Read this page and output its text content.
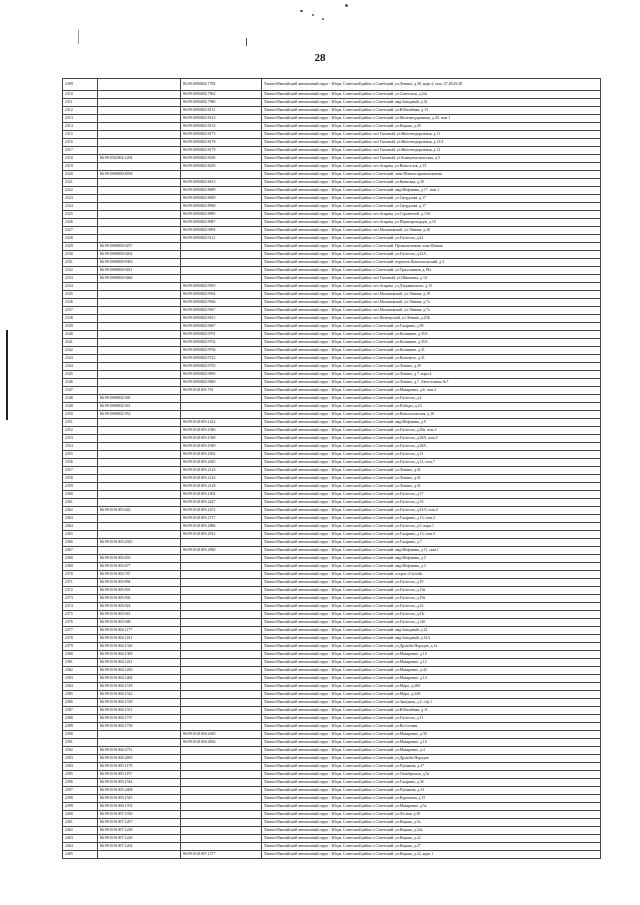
28
2309		86:09:0000002:7784	Ханты-Мансийский автономный округ - Югра, Советский район, г.Советский, ул.Ленина, д.30, корп.2, пом. 27,28,29,30
2310		86:09:0000002:7962	Ханты-Мансийский автономный округ - Югра, Советский район, г.Советский, ул.Советская, д.23а
2311		86:09:0000002:7980	Ханты-Мансийский автономный округ - Югра, Советский район, г.Советский, мкр.Западный, д.32
2312		86:09:0000002:8112	Ханты-Мансийский автономный округ - Югра, Советский район, г.Советский, ул.Юбилейная, д.13
2313		86:09:0000002:8123	Ханты-Мансийский автономный округ - Югра, Советский район, г.Советский, ул.Железнодорожная, д.20, пом.1
2314		86:09:0000002:8153	Ханты-Мансийский автономный округ - Югра, Советский район, г.Советский, ул.Кирова, д.20
2315		86:09:0000002:8175	Ханты-Мансийский автономный округ - Югра, Советский район, пгт.Таежный, ул.Железнодорожная, д.11
2316		86:09:0000002:8178	Ханты-Мансийский автономный округ - Югра, Советский район, пгт.Таежный, ул.Железнодорожная, д.13/2
2317		86:09:0000002:8179	Ханты-Мансийский автономный округ - Югра, Советский район, пгт.Таежный, ул.Железнодорожная, д.12
2318	86:09:0502002:1294	86:09:0000002:8180	Ханты-Мансийский автономный округ - Югра, Советский район, пгт.Таежный, ул.Коммунистическая, д.5
2319		86:09:0000002:8259	Ханты-Мансийский автономный округ - Югра, Советский район, пгт.Агириш, ул.Новоселов, д.15
2320	86:09:0000000:8458		Ханты-Мансийский автономный округ - Югра, Советский район, г.Советский, зона Южная промышленная
2321		86:09:0000002:8613	Ханты-Мансийский автономный округ - Югра, Советский район, г.Советский, ул.Киевская, д.20
2322		86:09:0000002:8689	Ханты-Мансийский автономный округ - Югра, Советский район, г.Советский, мкр.Нефтяник, д.17, пом.1
2323		86:09:0000002:8829	Ханты-Мансийский автономный округ - Югра, Советский район, г.Советский, ул.Свердлова, д.17
2324		86:09:0000002:8830	Ханты-Мансийский автономный округ - Югра, Советский район, г.Советский, ул.Свердлова, д.17
2325		86:09:0000002:8985	Ханты-Мансийский автономный округ - Югра, Советский район, пгт.Агириш, ул.Строителей, д.13А
2326		86:09:0000002:8987	Ханты-Мансийский автономный округ - Югра, Советский район, пгт.Агириш, ул.Первопроходцев, д.10
2327		86:09:0000002:9094	Ханты-Мансийский автономный округ - Югра, Советский район, пгт.Малиновский, ул.Ленина, д.20
2328		86:09:0000002:9121	Ханты-Мансийский автономный округ - Югра, Советский район, г.Советский, ул.Гастелло, д.42
2329	86:09:0000000:9257		Ханты-Мансийский автономный округ - Югра, Советский район, г.Советский, Промышленная зона Южная
2330	86:09:0000000:9264		Ханты-Мансийский автономный округ - Югра, Советский район, г.Советский, ул.Гастелло, д.42А
2331	86:09:0000000:9383		Ханты-Мансийский автономный округ - Югра, Советский район, г.Советский, переулок Комсомольский, д.3
2332	86:09:0000000:9431		Ханты-Мансийский автономный округ - Югра, Советский район, г.Советский, ул.Трассовиков, д.19а
2333	86:09:0000000:9466		Ханты-Мансийский автономный округ - Югра, Советский район, пгт.Таежный, ул.Шишкина, д.14
2334		86:09:0000002:9505	Ханты-Мансийский автономный округ - Югра, Советский район, пгт.Агириш, ул.Дзержинского, д.15
2335		86:09:0000002:9564	Ханты-Мансийский автономный округ - Югра, Советский район, пгт.Малиновский, ул.Ленина, д.19
2336		86:09:0000002:9566	Ханты-Мансийский автономный округ - Югра, Советский район, пгт.Малиновский, ул.Ленина, д.7а
2337		86:09:0000002:9567	Ханты-Мансийский автономный округ - Югра, Советский район, пгт.Малиновский, ул.Ленина, д.7а
2338		86:09:0000002:9615	Ханты-Мансийский автономный округ - Югра, Советский район, пгт.Пионерский, ул.Ленина, д.25Б
2339		86:09:0000002:9697	Ханты-Мансийский автономный округ - Югра, Советский район, г.Советский, ул.Гагарина, д.85
2340		86:09:0000002:9701	Ханты-Мансийский автономный округ - Югра, Советский район, г.Советский, ул.Калинина, д.35А
2341		86:09:0000002:9702	Ханты-Мансийский автономный округ - Югра, Советский район, г.Советский, ул.Калинина, д.35А
2342		86:09:0000002:9706	Ханты-Мансийский автономный округ - Югра, Советский район, г.Советский, ул.Калинина, д.31
2343		86:09:0000002:9722	Ханты-Мансийский автономный округ - Югра, Советский район, г.Советский, ул.Кошевого, д.31
2344		86:09:0000002:9755	Ханты-Мансийский автономный округ - Югра, Советский район, г.Советский, ул.Ленина, д.20
2345		86:09:0000002:9839	Ханты-Мансийский автономный округ - Югра, Советский район, г.Советский, ул.Ленина, д.7, корп.4
2346		86:09:0000002:9840	Ханты-Мансийский автономный округ - Югра, Советский район, г.Советский, ул.Ленина, д.7, Автостоянка №7
2347		86:09:0101001:761	Ханты-Мансийский автономный округ - Югра, Советский район, г.Советский, ул.Макаренко, д.6, пом.3
2348	86:09:0000002:940		Ханты-Мансийский автономный округ - Югра, Советский район, г.Советский, ул.Гастелло, д.4
2349	86:09:0000002:941		Ханты-Мансийский автономный округ - Югра, Советский район, г.Советский, ул.Победы, д.23
2350	86:09:0000002:952		Ханты-Мансийский автономный округ - Югра, Советский район, г.Советский, ул.Комсомольская, д.16
2351		86:09:0101003:1422	Ханты-Мансийский автономный округ - Югра, Советский район, г.Советский, мкр.Нефтяник, д.9
2352		86:09:0101003:1946	Ханты-Мансийский автономный округ - Югра, Советский район, г.Советский, ул.Гастелло, д.28а, пом.3
2353		86:09:0101003:1948	Ханты-Мансийский автономный округ - Югра, Советский район, г.Советский, ул.Гастелло, д.28А, пом.5
2354		86:09:0101003:1949	Ханты-Мансийский автономный округ - Югра, Советский район, г.Советский, ул.Гастелло, д.28А
2355		86:09:0101003:2002	Ханты-Мансийский автономный округ - Югра, Советский район, г.Советский, ул.Гастелло, д.31
2356		86:09:0101003:2025	Ханты-Мансийский автономный округ - Югра, Советский район, г.Советский, ул.Гастелло, д.31, пом.7
2357		86:09:0101003:2123	Ханты-Мансийский автономный округ - Югра, Советский район, г.Советский, ул.Ленина, д.41
2358		86:09:0101003:2126	Ханты-Мансийский автономный округ - Югра, Советский район, г.Советский, ул.Ленина, д.41
2359		86:09:0101003:2128	Ханты-Мансийский автономный округ - Югра, Советский район, г.Советский, ул.Ленина, д.41
2360		86:09:0101003:2304	Ханты-Мансийский автономный округ - Югра, Советский район, г.Советский, ул.Гастелло, д.37
2361		86:09:0101003:2427	Ханты-Мансийский автономный округ - Югра, Советский район, г.Советский, ул.Гастелло, д.33
2362	86:09:0101003:642	86:09:0101003:2474	Ханты-Мансийский автономный округ - Югра, Советский район, г.Советский, ул.Гастелло, д.41/б, пом.2
2363		86:09:0101003:2717	Ханты-Мансийский автономный округ - Югра, Советский район, г.Советский, ул.Гагарина, д.13, пом.2
2364		86:09:0101003:2886	Ханты-Мансийский автономный округ - Югра, Советский район, г.Советский, ул.Гастелло, д.9, корп.1
2365		86:09:0101003:2912	Ханты-Мансийский автономный округ - Югра, Советский район, г.Советский, ул.Гагарина, д.13, пом.3
2366	86:09:0101003:2925		Ханты-Мансийский автономный округ - Югра, Советский район, г.Советский, ул.Гагарина, д.7
2367		86:09:0101003:2960	Ханты-Мансийский автономный округ - Югра, Советский район, г.Советский, мкр.Нефтяник, д.11, пом.1
2368	86:09:0101003:655		Ханты-Мансийский автономный округ - Югра, Советский район, г.Советский, мкр.Нефтяник, д.5
2369	86:09:0101003:677		Ханты-Мансийский автономный округ - Югра, Советский район, г.Советский, мкр.Нефтяник, д.3
2370	86:09:0101003:767		Ханты-Мансийский автономный округ - Югра, Советский район, г.Советский, остров «Глухой»
2371	86:09:0101003:894		Ханты-Мансийский автономный округ - Югра, Советский район, г.Советский, ул.Гастелло, д.19
2372	86:09:0101003:901		Ханты-Мансийский автономный округ - Югра, Советский район, г.Советский, ул.Гастелло, д.13а
2373	86:09:0101003:902		Ханты-Мансийский автономный округ - Югра, Советский район, г.Советский, ул.Гастелло, д.19а
2374	86:09:0101003:924		Ханты-Мансийский автономный округ - Югра, Советский район, г.Советский, ул.Гастелло, д.23
2375	86:09:0101003:941		Ханты-Мансийский автономный округ - Югра, Советский район, г.Советский, ул.Гастелло, д.41г
2376	86:09:0101003:948		Ханты-Мансийский автономный округ - Югра, Советский район, г.Советский, ул.Гастелло, д.14б
2377	86:09:0101004:1177		Ханты-Мансийский автономный округ - Югра, Советский район, г.Советский, мкр.Западный, д.22
2378	86:09:0101004:1181		Ханты-Мансийский автономный округ - Югра, Советский район, г.Советский, мкр.Западный, д.32А
2379	86:09:0101004:1326		Ханты-Мансийский автономный округ - Югра, Советский район, г.Советский, ул.Дружбы Народов, д.1а
2380	86:09:0101004:1369		Ханты-Мансийский автономный округ - Югра, Советский район, г.Советский, ул.Макаренко, д.10
2381	86:09:0101004:1431		Ханты-Мансийский автономный округ - Югра, Советский район, г.Советский, ул.Макаренко, д.12
2382	86:09:0101004:1450		Ханты-Мансийский автономный округ - Югра, Советский район, г.Советский, ул.Макаренко, д.42
2383	86:09:0101004:1484		Ханты-Мансийский автономный округ - Югра, Советский район, г.Советский, ул.Макаренко, д.14
2384	86:09:0101004:1518		Ханты-Мансийский автономный округ - Югра, Советский район, г.Советский, ул.Мира, д.28А
2385	86:09:0101004:1522		Ханты-Мансийский автономный округ - Югра, Советский район, г.Советский, ул.Мира, д.24А
2386	86:09:0101004:1539		Ханты-Мансийский автономный округ - Югра, Советский район, г.Советский, ул.Западная, д.2, стр.1
2387	86:09:0101004:1551		Ханты-Мансийский автономный округ - Югра, Советский район, г.Советский, ул.Юбилейная, д.11
2388	86:09:0101004:1737		Ханты-Мансийский автономный округ - Югра, Советский район, г.Советский, ул.Гастелло, д.11
2389	86:09:0101004:1738		Ханты-Мансийский автономный округ - Югра, Советский район, г.Советский, ул.Восточная
2390		86:09:0101004:2649	Ханты-Мансийский автономный округ - Югра, Советский район, г.Советский, ул.Макаренко, д.30
2391		86:09:0101004:2656	Ханты-Мансийский автономный округ - Югра, Советский район, г.Советский, ул.Макаренко, д.16
2392	86:09:0101004:2751		Ханты-Мансийский автономный округ - Югра, Советский район, г.Советский, ул.Макаренко, д.4
2393	86:09:0101004:2859		Ханты-Мансийский автономный округ - Югра, Советский район, г.Советский, ул.Дружбы Народов
2394	86:09:0101005:1179		Ханты-Мансийский автономный округ - Югра, Советский район, г.Советский, ул.Пушкина, д.47
2395	86:09:0101005:1197		Ханты-Мансийский автономный округ - Югра, Советский район, г.Советский, ул.Октябрьская, д.5а
2396	86:09:0101005:1544		Ханты-Мансийский автономный округ - Югра, Советский район, г.Советский, ул.Гагарина, д.34
2397	86:09:0101005:2408		Ханты-Мансийский автономный округ - Югра, Советский район, г.Советский, ул.Пушкина, д.33
2398	86:09:0101005:1545		Ханты-Мансийский автономный округ - Югра, Советский район, г.Советский, ул.Курчатова, д.15
2399	86:09:0101006:1702		Ханты-Мансийский автономный округ - Югра, Советский район, г.Советский, ул.Макаренко, д.5а
2400	86:09:0101007:1018		Ханты-Мансийский автономный округ - Югра, Советский район, г.Советский, ул.Лесная, д.30
2401	86:09:0101007:1207		Ханты-Мансийский автономный округ - Югра, Советский район, г.Советский, ул.Кирова, д.5а
2402	86:09:0101007:1248		Ханты-Мансийский автономный округ - Югра, Советский район, г.Советский, ул.Кирова, д.22а
2403	86:09:0101007:1249		Ханты-Мансийский автономный округ - Югра, Советский район, г.Советский, ул.Кирова, д.22
2404	86:09:0101007:1264		Ханты-Мансийский автономный округ - Югра, Советский район, г.Советский, ул.Кирова, д.27
2405		86:09:0101007:1577	Ханты-Мансийский автономный округ - Югра, Советский район, г.Советский, ул.Кирова, д.22, корп.1
